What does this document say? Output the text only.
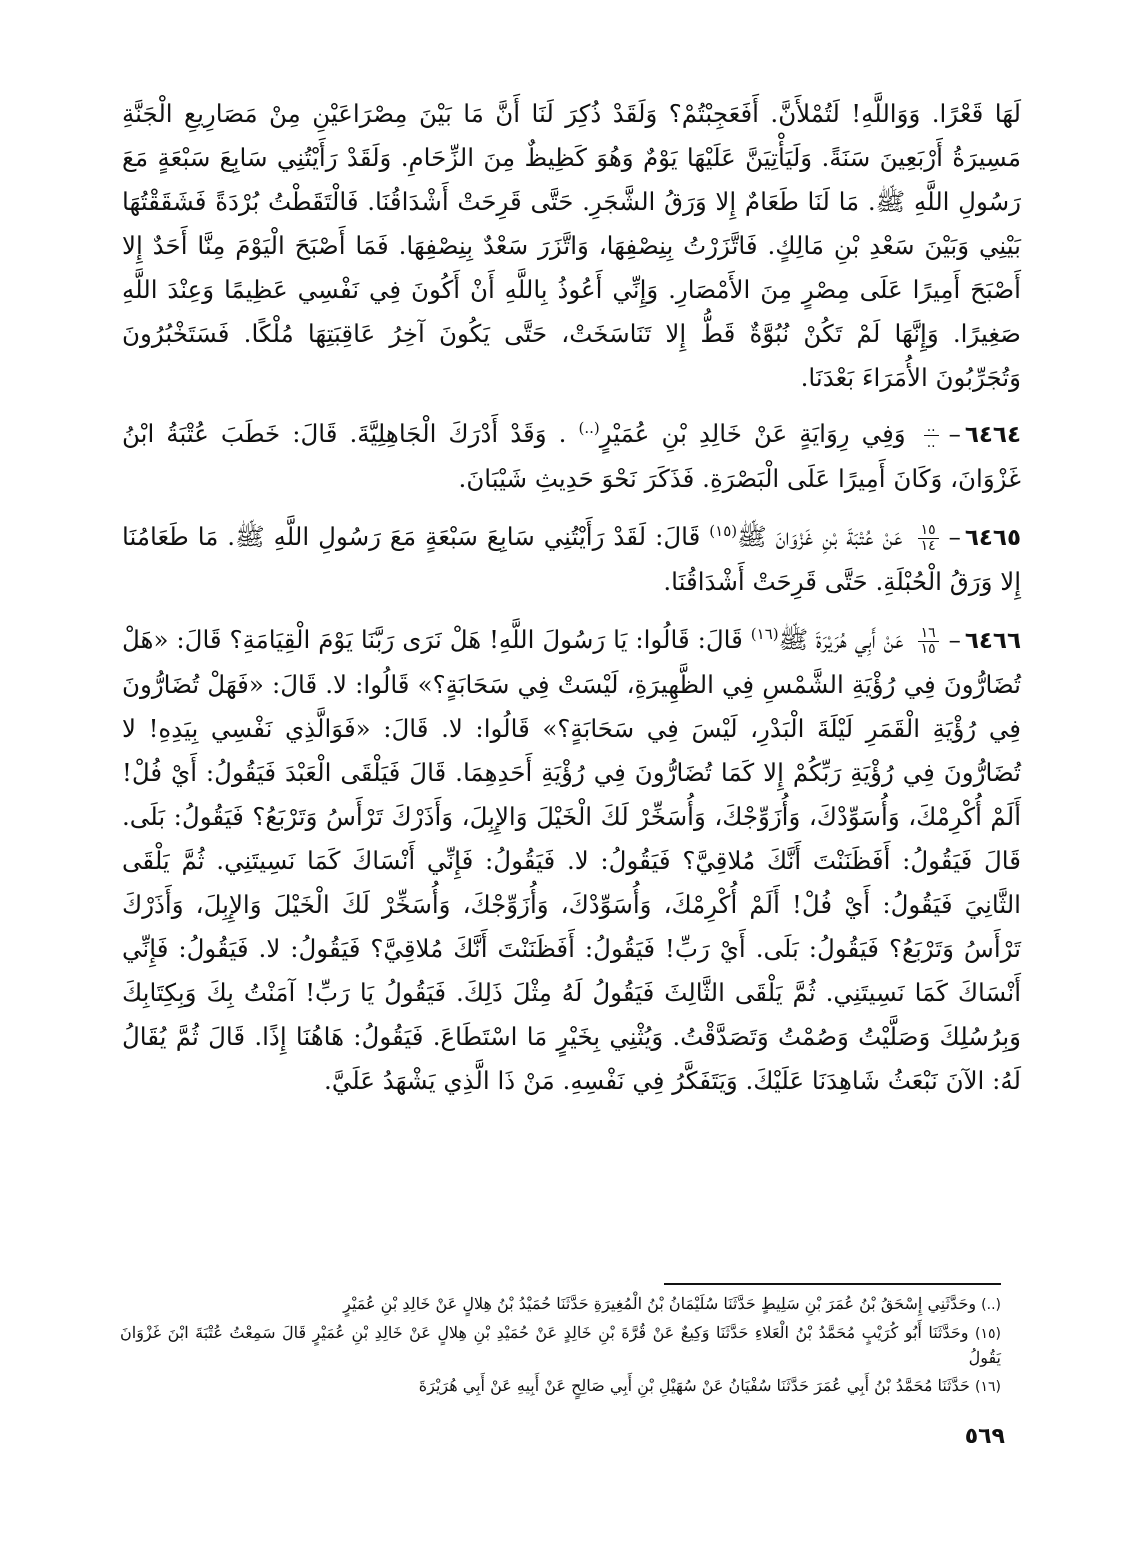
لَهَا قَعْرًا. وَوَاللَّهِ! لَتُمْلأَنَّ. أَفَعَجِبْتُمْ؟ وَلَقَدْ ذُكِرَ لَنَا أَنَّ مَا بَيْنَ مِصْرَاعَيْنِ مِنْ مَصَارِيعِ الْجَنَّةِ مَسِيرَةُ أَرْبَعِينَ سَنَةً. وَلَيَأْتِيَنَّ عَلَيْهَا يَوْمٌ وَهُوَ كَظِيظٌ مِنَ الزِّحَامِ. وَلَقَدْ رَأَيْتُنِي سَابِعَ سَبْعَةٍ مَعَ رَسُولِ اللَّهِ ﷺ. مَا لَنَا طَعَامٌ إِلا وَرَقُ الشَّجَرِ. حَتَّى قَرِحَتْ أَشْدَاقُنَا. فَالْتَقَطْتُ بُرْدَةً فَشَقَقْتُهَا بَيْنِي وَبَيْنَ سَعْدِ بْنِ مَالِكٍ. فَاتَّزَرْتُ بِنِصْفِهَا، وَاتَّزَرَ سَعْدٌ بِنِصْفِهَا. فَمَا أَصْبَحَ الْيَوْمَ مِنَّا أَحَدٌ إِلا أَصْبَحَ أَمِيرًا عَلَى مِصْرٍ مِنَ الأَمْصَارِ. وَإِنِّي أَعُوذُ بِاللَّهِ أَنْ أَكُونَ فِي نَفْسِي عَظِيمًا وَعِنْدَ اللَّهِ صَغِيرًا. وَإِنَّهَا لَمْ تَكُنْ نُبُوَّةٌ قَطُّ إِلا تَنَاسَخَتْ، حَتَّى يَكُونَ آخِرُ عَاقِبَتِهَا مُلْكًا. فَسَتَخْبُرُونَ وَتُجَرِّبُونَ الأُمَرَاءَ بَعْدَنَا.

٦٤٦٤–
$\frac{..}{..}$
وَفِي رِوَايَةٍ عَنْ خَالِدِ بْنِ عُمَيْرٍ(..) . وَقَدْ أَدْرَكَ الْجَاهِلِيَّةَ. قَالَ: خَطَبَ عُتْبَةُ ابْنُ غَزْوَانَ، وَكَانَ أَمِيرًا عَلَى الْبَصْرَةِ. فَذَكَرَ نَحْوَ حَدِيثِ شَيْبَانَ.

٦٤٦٥–
$\frac{١٥}{١٤}$
عَنْ عُتْبَةَ بْنِ غَزْوَانَ ﷺ$^{(١٥)}$ قَالَ: لَقَدْ رَأَيْتُنِي سَابِعَ سَبْعَةٍ مَعَ رَسُولِ اللَّهِ ﷺ. مَا طَعَامُنَا إِلا وَرَقُ الْحُبْلَةِ. حَتَّى قَرِحَتْ أَشْدَاقُنَا.

٦٤٦٦–
$\frac{١٦}{١٥}$
عَنْ أَبِي هُرَيْرَةَ ﷺ$^{(١٦)}$ قَالَ: قَالُوا: يَا رَسُولَ اللَّهِ! هَلْ نَرَى رَبَّنَا يَوْمَ الْقِيَامَةِ؟ قَالَ: «هَلْ تُضَارُّونَ فِي رُؤْيَةِ الشَّمْسِ فِي الظَّهِيرَةِ، لَيْسَتْ فِي سَحَابَةٍ؟» قَالُوا: لا. قَالَ: «فَهَلْ تُضَارُّونَ فِي رُؤْيَةِ الْقَمَرِ لَيْلَةَ الْبَدْرِ، لَيْسَ فِي سَحَابَةٍ؟» قَالُوا: لا. قَالَ: «فَوَالَّذِي نَفْسِي بِيَدِهِ! لا تُضَارُّونَ فِي رُؤْيَةِ رَبِّكُمْ إِلا كَمَا تُضَارُّونَ فِي رُؤْيَةِ أَحَدِهِمَا. قَالَ فَيَلْقَى الْعَبْدَ فَيَقُولُ: أَيْ فُلْ! أَلَمْ أُكْرِمْكَ، وَأُسَوِّدْكَ، وَأُزَوِّجْكَ، وَأُسَخِّرْ لَكَ الْخَيْلَ وَالإِبِلَ، وَأَذَرْكَ تَرْأَسُ وَتَرْبَعُ؟ فَيَقُولُ: بَلَى. قَالَ فَيَقُولُ: أَفَظَنَنْتَ أَنَّكَ مُلاقِيَّ؟ فَيَقُولُ: لا. فَيَقُولُ: فَإِنِّي أَنْسَاكَ كَمَا نَسِيتَنِي. ثُمَّ يَلْقَى الثَّانِيَ فَيَقُولُ: أَيْ فُلْ! أَلَمْ أُكْرِمْكَ، وَأُسَوِّدْكَ، وَأُزَوِّجْكَ، وَأُسَخِّرْ لَكَ الْخَيْلَ وَالإِبِلَ، وَأَذَرْكَ تَرْأَسُ وَتَرْبَعُ؟ فَيَقُولُ: بَلَى. أَيْ رَبِّ! فَيَقُولُ: أَفَظَنَنْتَ أَنَّكَ مُلاقِيَّ؟ فَيَقُولُ: لا. فَيَقُولُ: فَإِنِّي أَنْسَاكَ كَمَا نَسِيتَنِي. ثُمَّ يَلْقَى الثَّالِثَ فَيَقُولُ لَهُ مِثْلَ ذَلِكَ. فَيَقُولُ يَا رَبِّ! آمَنْتُ بِكَ وَبِكِتَابِكَ وَبِرُسُلِكَ وَصَلَّيْتُ وَصُمْتُ وَتَصَدَّقْتُ. وَيُثْنِي بِخَيْرٍ مَا اسْتَطَاعَ. فَيَقُولُ: هَاهُنَا إِذًا. قَالَ ثُمَّ يُقَالُ لَهُ: الآنَ نَبْعَثُ شَاهِدَنَا عَلَيْكَ. وَيَتَفَكَّرُ فِي نَفْسِهِ. مَنْ ذَا الَّذِي يَشْهَدُ عَلَيَّ.

(..) وحَدَّثَنِي إِسْحَقُ بْنُ عُمَرَ بْنِ سَلِيطٍ حَدَّثَنَا سُلَيْمَانُ بْنُ الْمُغِيرَةِ حَدَّثَنَا حُمَيْدُ بْنُ هِلالٍ عَنْ خَالِدِ بْنِ عُمَيْرٍ

(١٥) وحَدَّثَنَا أَبُو كُرَيْبٍ مُحَمَّدُ بْنُ الْعَلاءِ حَدَّثَنَا وَكِيعٌ عَنْ قُرَّةَ بْنِ خَالِدٍ عَنْ حُمَيْدِ بْنِ هِلالٍ عَنْ خَالِدِ بْنِ عُمَيْرٍ قَالَ سَمِعْتُ عُتْبَةَ ابْنَ غَزْوَانَ يَقُولُ

(١٦) حَدَّثَنَا مُحَمَّدُ بْنُ أَبِي عُمَرَ حَدَّثَنَا سُفْيَانُ عَنْ سُهَيْلِ بْنِ أَبِي صَالِحٍ عَنْ أَبِيهِ عَنْ أَبِي هُرَيْرَةَ

٥٦٩
